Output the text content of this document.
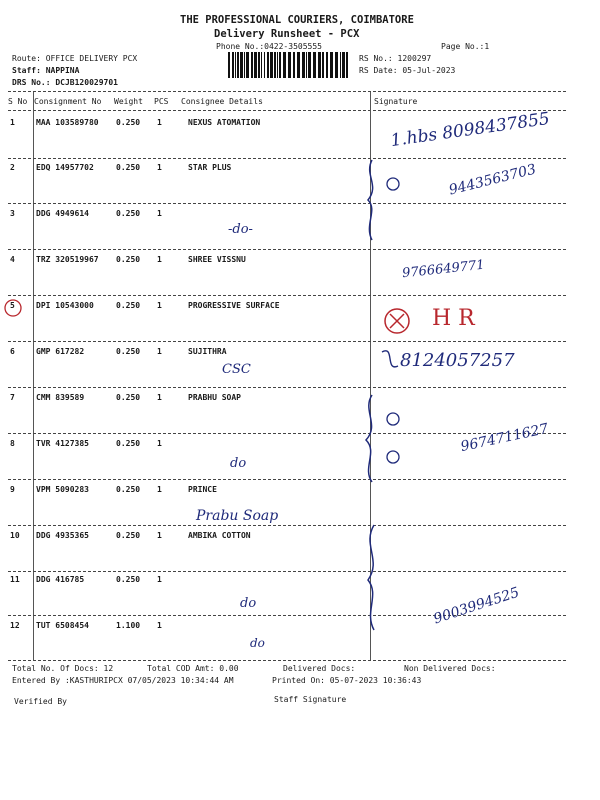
THE PROFESSIONAL COURIERS, COIMBATORE
Delivery Runsheet - PCX
Phone No.:0422-3505555	Page No.:1
Route: OFFICE DELIVERY PCX
Staff: NAPPINA
DRS No.: DCJB120029701
RS No.: 1200297
RS Date: 05-Jul-2023
S No Consignment No Weight PCS Consignee Details	Signature
1	MAA 103589780 0.250 1	NEXUS ATOMATION
2	EDQ 14957702	0.250 1	STAR PLUS
3	DDG 4949614	0.250 1
4	TRZ 320519967 0.250 1	SHREE VISSNU
5	DPI 10543000	0.250 1	PROGRESSIVE SURFACE
6	GMP 617282	0.250 1	SUJITHRA
7	CMM 839589	0.250 1	PRABHU SOAP
8	TVR 4127385	0.250 1
9	VPM 5090283	0.250 1	PRINCE
10 DDG 4935365	0.250 1	AMBIKA COTTON
11 DDG 416785	0.250 1
12 TUT 6508454	1.100 1
Total No. Of Docs: 12	Total COD Amt: 0.00	Delivered Docs:	Non Delivered Docs:
Entered By :KASTHURIPCX 07/05/2023 10:34:44 AM	Printed On: 05-07-2023 10:36:43
Verified By	Staff Signature
1.hbs 8098437855
9443563703
-do-
9766649771
H R
CSC	8124057257
do
9674711627
Prabu Soap
do	9003994525
do
